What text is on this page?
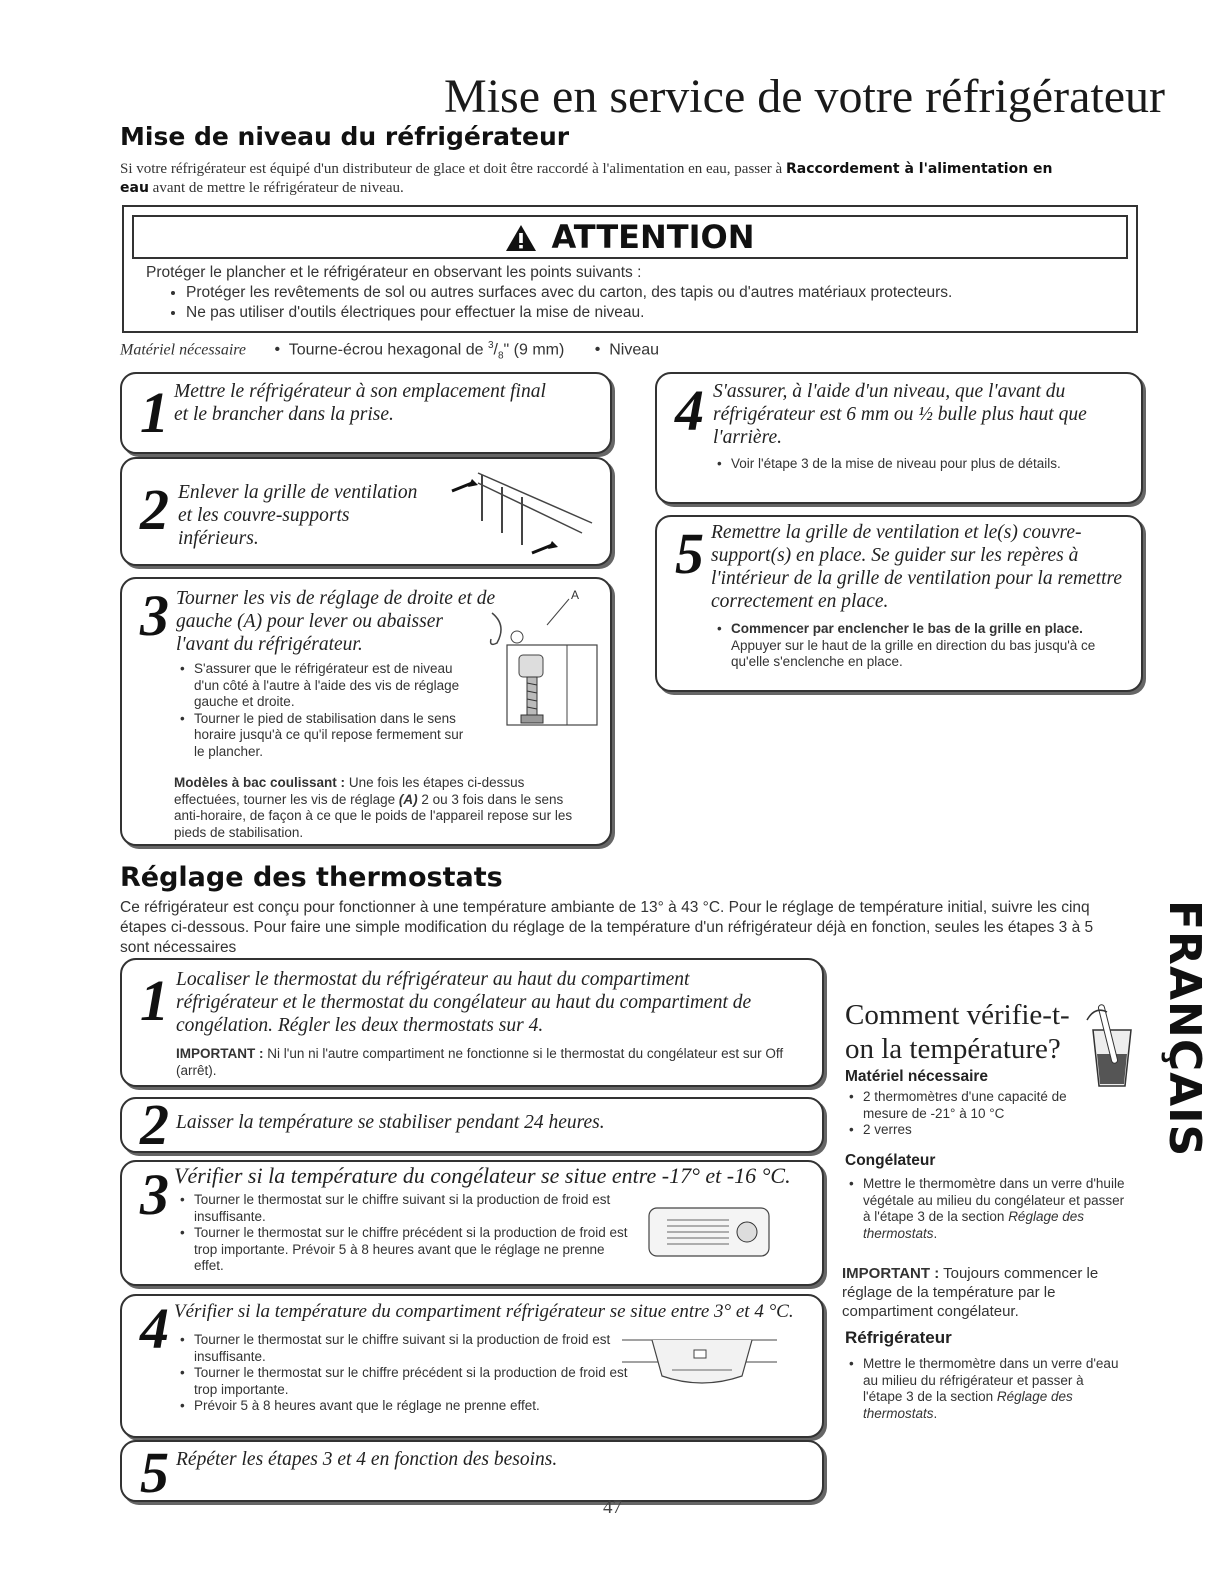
Mise en service de votre réfrigérateur
Mise de niveau du réfrigérateur
Si votre réfrigérateur est équipé d'un distributeur de glace et doit être raccordé à l'alimentation en eau, passer à Raccordement à l'alimentation en eau avant de mettre le réfrigérateur de niveau.
ATTENTION
Protéger le plancher et le réfrigérateur en observant les points suivants :
• Protéger les revêtements de sol ou autres surfaces avec du carton, des tapis ou d'autres matériaux protecteurs.
• Ne pas utiliser d'outils électriques pour effectuer la mise de niveau.
Matériel nécessaire •  Tourne-écrou hexagonal de $^3/_8$" (9 mm) •  Niveau
1 Mettre le réfrigérateur à son emplacement final et le brancher dans la prise.
2 Enlever la grille de ventilation et les couvre-supports inférieurs.
3 Tourner les vis de réglage de droite et de gauche (A) pour lever ou abaisser l'avant du réfrigérateur.
• S'assurer que le réfrigérateur est de niveau d'un côté à l'autre à l'aide des vis de réglage gauche et droite.
• Tourner le pied de stabilisation dans le sens horaire jusqu'à ce qu'il repose fermement sur le plancher.
Modèles à bac coulissant : Une fois les étapes ci-dessus effectuées, tourner les vis de réglage (A) 2 ou 3 fois dans le sens anti-horaire, de façon à ce que le poids de l'appareil repose sur les pieds de stabilisation.
A
4 S'assurer, à l'aide d'un niveau, que l'avant du réfrigérateur est 6 mm ou ½ bulle plus haut que l'arrière.
• Voir l'étape 3 de la mise de niveau pour plus de détails.
5 Remettre la grille de ventilation et le(s) couvre-support(s) en place. Se guider sur les repères à l'intérieur de la grille de ventilation pour la remettre correctement en place.
• Commencer par enclencher le bas de la grille en place. Appuyer sur le haut de la grille en direction du bas jusqu'à ce qu'elle s'enclenche en place.
Réglage des thermostats
Ce réfrigérateur est conçu pour fonctionner à une température ambiante de 13° à 43 °C. Pour le réglage de température initial, suivre les cinq étapes ci-dessous. Pour faire une simple modification du réglage de la température d'un réfrigérateur déjà en fonction, seules les étapes 3 à 5 sont nécessaires
1 Localiser le thermostat du réfrigérateur au haut du compartiment réfrigérateur et le thermostat du congélateur au haut du compartiment de congélation. Régler les deux thermostats sur 4.
IMPORTANT : Ni l'un ni l'autre compartiment ne fonctionne si le thermostat du congélateur est sur Off (arrêt).
2 Laisser la température se stabiliser pendant 24 heures.
3 Vérifier si la température du congélateur se situe entre -17° et -16 °C.
• Tourner le thermostat sur le chiffre suivant si la production de froid est insuffisante.
• Tourner le thermostat sur le chiffre précédent si la production de froid est trop importante. Prévoir 5 à 8 heures avant que le réglage ne prenne effet.
4 Vérifier si la température du compartiment réfrigérateur se situe entre 3° et 4 °C.
• Tourner le thermostat sur le chiffre suivant si la production de froid est insuffisante.
• Tourner le thermostat sur le chiffre précédent si la production de froid est trop importante.
• Prévoir 5 à 8 heures avant que le réglage ne prenne effet.
5 Répéter les étapes 3 et 4 en fonction des besoins.
Comment vérifie-t-on la température?
Matériel nécessaire
• 2 thermomètres d'une capacité de mesure de -21° à 10 °C
• 2 verres
Congélateur
• Mettre le thermomètre dans un verre d'huile végétale au milieu du congélateur et passer à l'étape 3 de la section Réglage des thermostats.
IMPORTANT : Toujours commencer le réglage de la température par le compartiment congélateur.
Réfrigérateur
• Mettre le thermomètre dans un verre d'eau au milieu du réfrigérateur et passer à l'étape 3 de la section Réglage des thermostats.
FRANÇAIS
47
